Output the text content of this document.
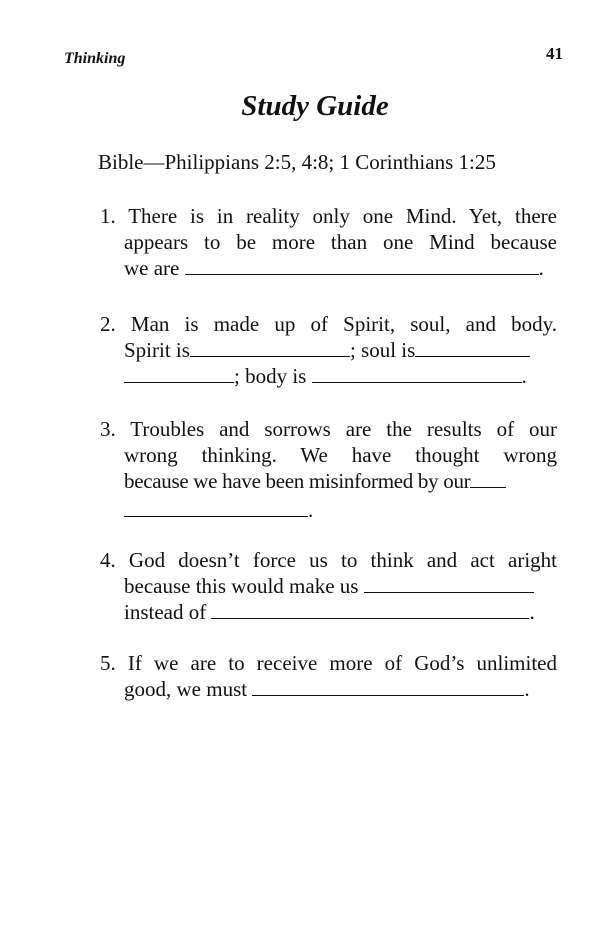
Thinking	41
Study Guide
Bible—Philippians 2:5, 4:8; 1 Corinthians 1:25
1. There is in reality only one Mind. Yet, there
appears to be more than one Mind because
we are	.
2. Man is made up of Spirit, soul, and body.
Spirit is	; soul is
; body is	.
3. Troubles and sorrows are the results of our
wrong thinking. We have thought wrong
because we have been misinformed by our
.
4. God doesn’t force us to think and act aright
because this would make us
instead of	.
5. If we are to receive more of God’s unlimited
good, we must	.
